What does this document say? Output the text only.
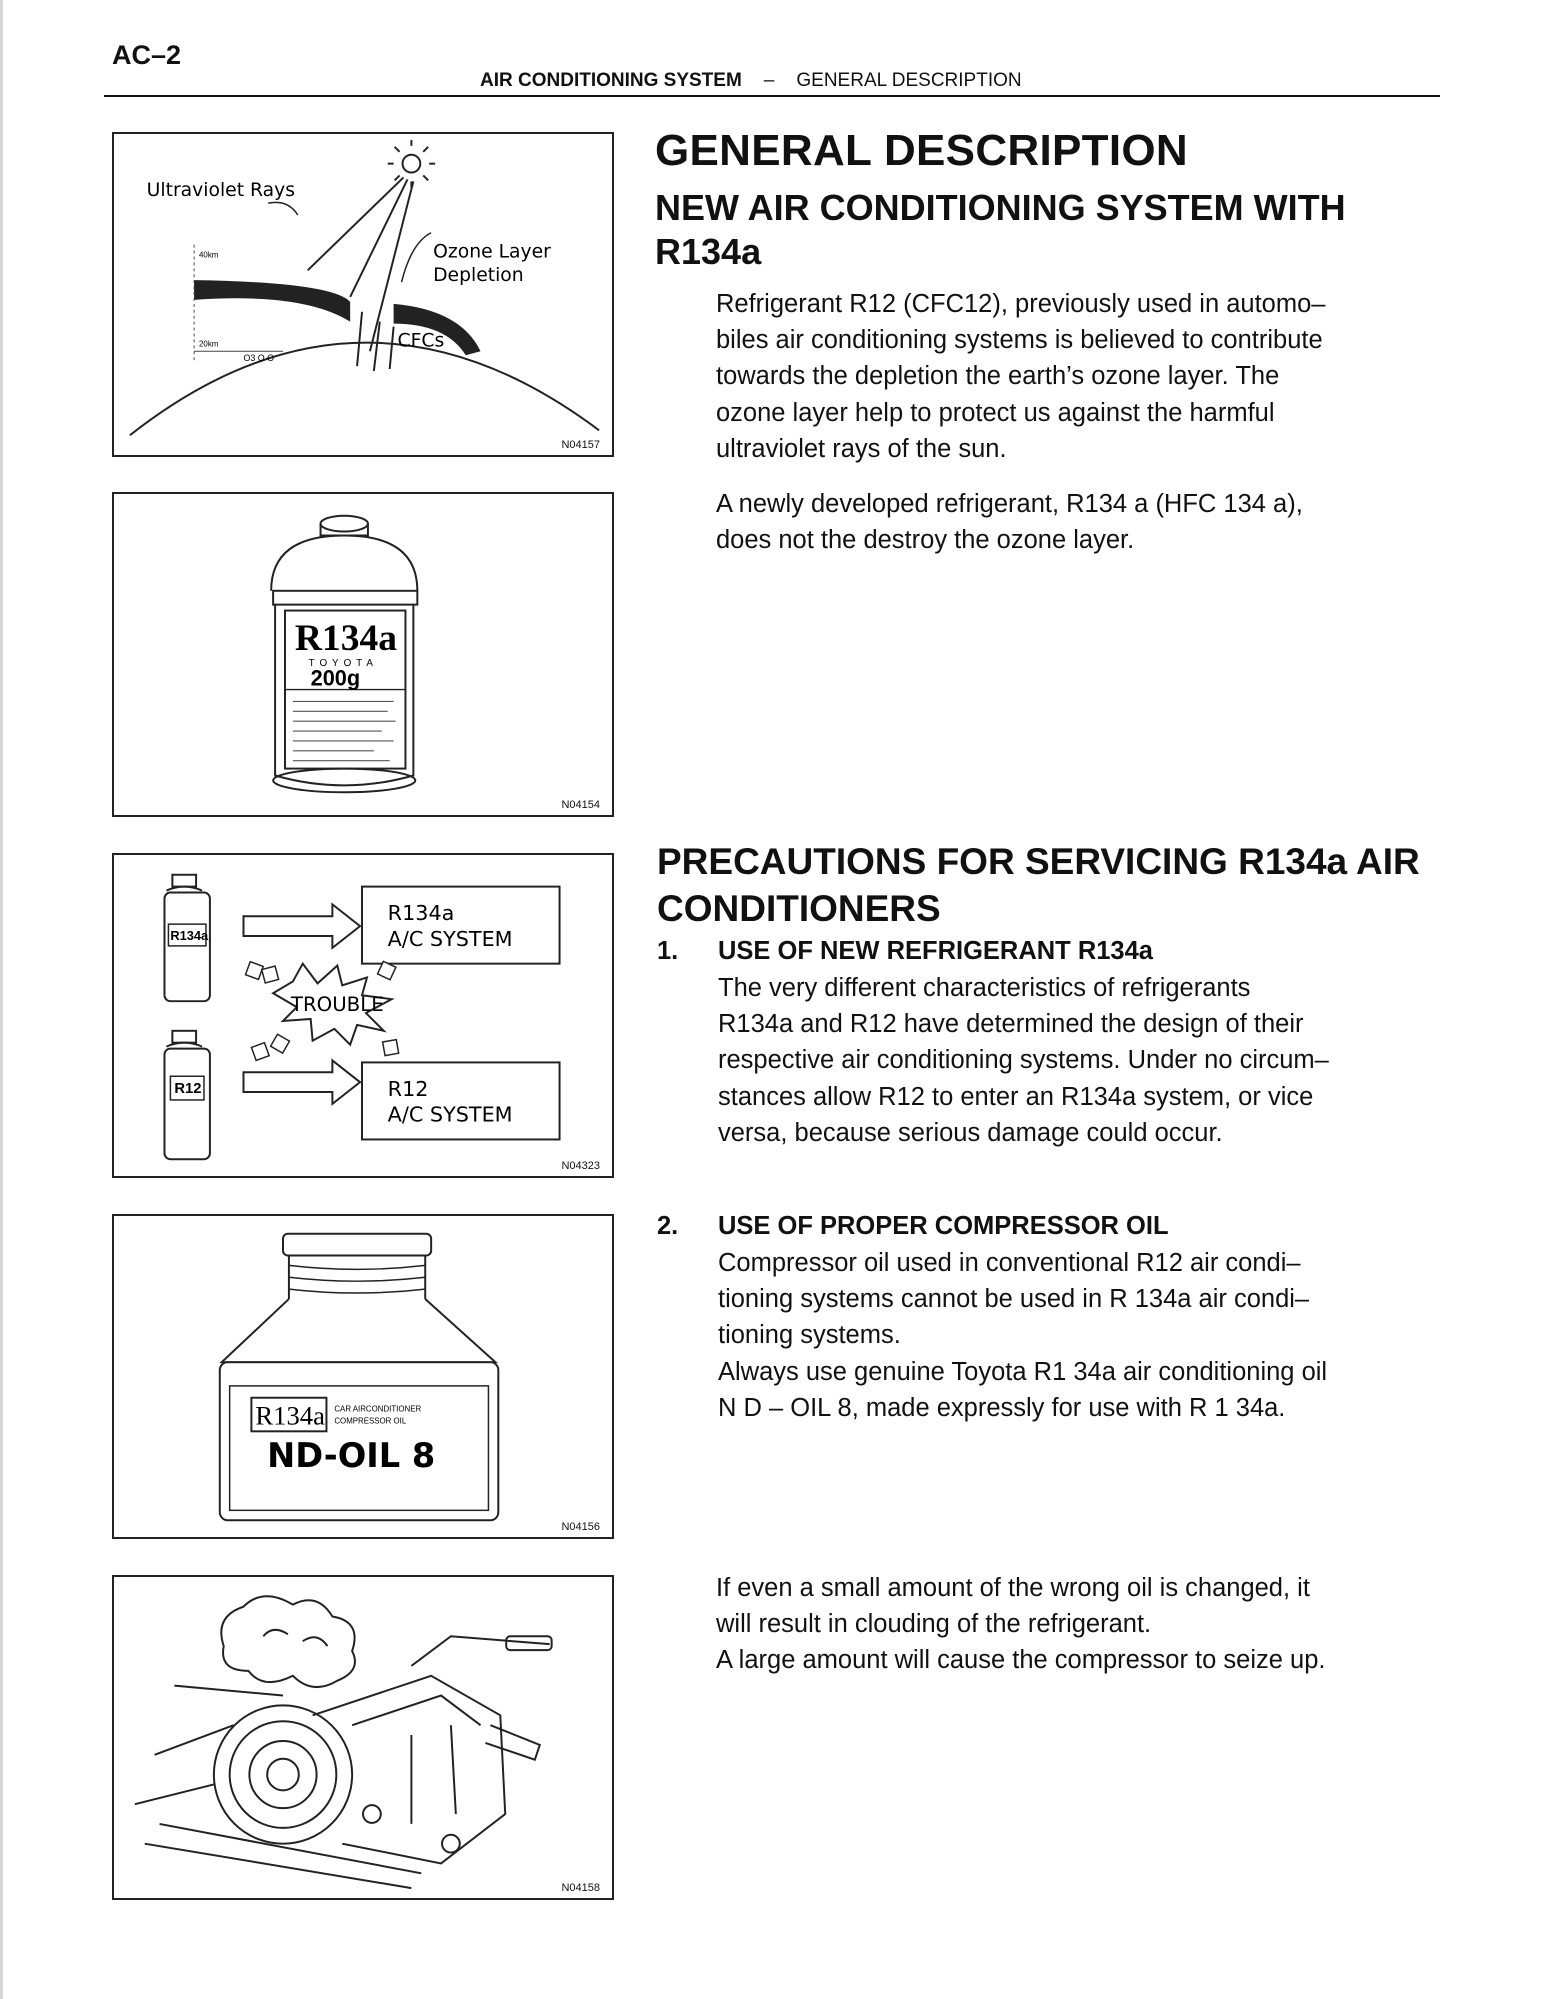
AC–2
AIR CONDITIONING SYSTEM – GENERAL DESCRIPTION
40km
20km
O3 O O
Ultraviolet Rays
Ozone Layer
Depletion
CFCs
N04157
R134a
TOYOTA
200g
N04154
R134a
R12
R134a
A/C SYSTEM
R12
A/C SYSTEM
TROUBLE
N04323
R134a CAR AIRCONDITIONER
COMPRESSOR OIL
ND-OIL 8
N04156
N04158
GENERAL DESCRIPTION
NEW AIR CONDITIONING SYSTEM WITH
R134a
Refrigerant R12 (CFC12), previously used in automo–
biles air conditioning systems is believed to contribute
towards the depletion the earth’s ozone layer. The
ozone layer help to protect us against the harmful
ultraviolet rays of the sun.
A newly developed refrigerant, R134 a (HFC 134 a),
does not the destroy the ozone layer.
PRECAUTIONS FOR SERVICING R134a AIR
CONDITIONERS
1. USE OF NEW REFRIGERANT R134a
The very different characteristics of refrigerants
R134a and R12 have determined the design of their
respective air conditioning systems. Under no circum–
stances allow R12 to enter an R134a system, or vice
versa, because serious damage could occur.
2. USE OF PROPER COMPRESSOR OIL
Compressor oil used in conventional R12 air condi–
tioning systems cannot be used in R 134a air condi–
tioning systems.
Always use genuine Toyota R1 34a air conditioning oil
N D – OIL 8, made expressly for use with R 1 34a.
If even a small amount of the wrong oil is changed, it
will result in clouding of the refrigerant.
A large amount will cause the compressor to seize up.
